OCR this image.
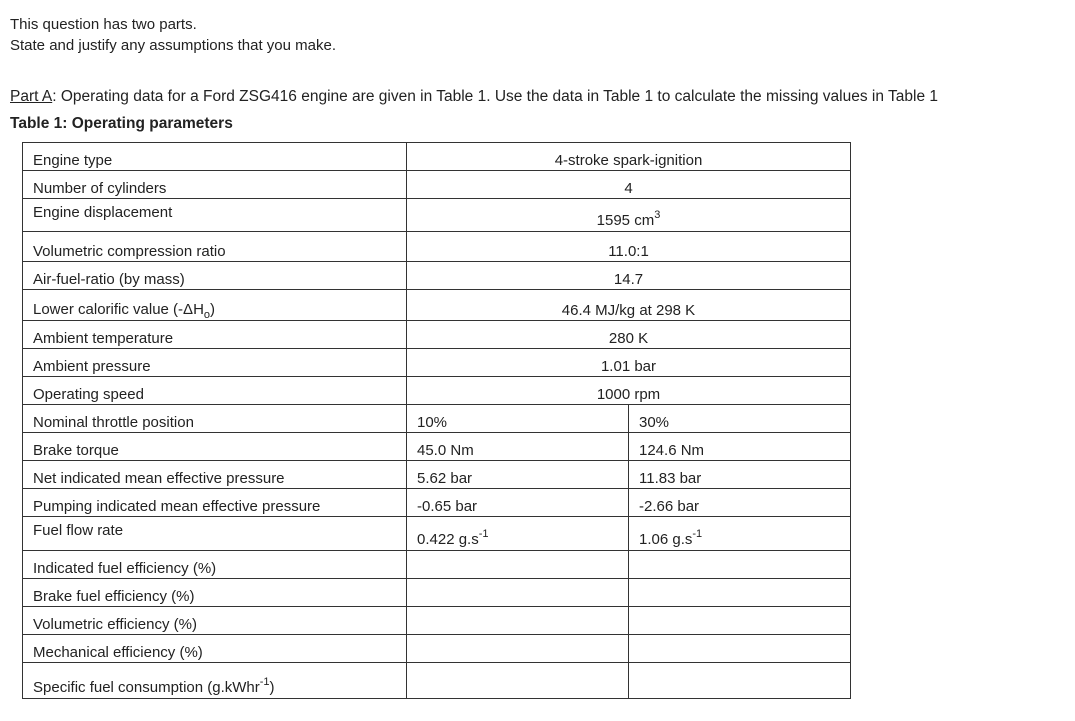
This question has two parts.
State and justify any assumptions that you make.
Part A: Operating data for a Ford ZSG416 engine are given in Table 1. Use the data in Table 1 to calculate the missing values in Table 1
Table 1: Operating parameters
Engine type	4-stroke spark-ignition	
Number of cylinders	4	
Engine displacement	1595 $cm^3$
Volumetric compression ratio	11.0:1	
Air-fuel-ratio (by mass)	14.7	
Lower calorific value $(-\Delta H_o)$	46.4 MJ/kg at 298 K	
Ambient temperature	280 K	
Ambient pressure	1.01 bar	
Operating speed	1000 rpm	
Nominal throttle position	10%	30%
Brake torque	45.0 Nm	124.6 Nm
Net indicated mean effective pressure	5.62 bar	11.83 bar
Pumping indicated mean effective pressure	-0.65 bar	-2.66 bar
Fuel flow rate	0.422 $g.s^{-1}$	1.06 $g.s^{-1}$
Indicated fuel efficiency (%)		
Brake fuel efficiency (%)		
Volumetric efficiency (%)		
Mechanical efficiency (%)		
Specific fuel consumption (g.kWhr$^{-1}$)		
